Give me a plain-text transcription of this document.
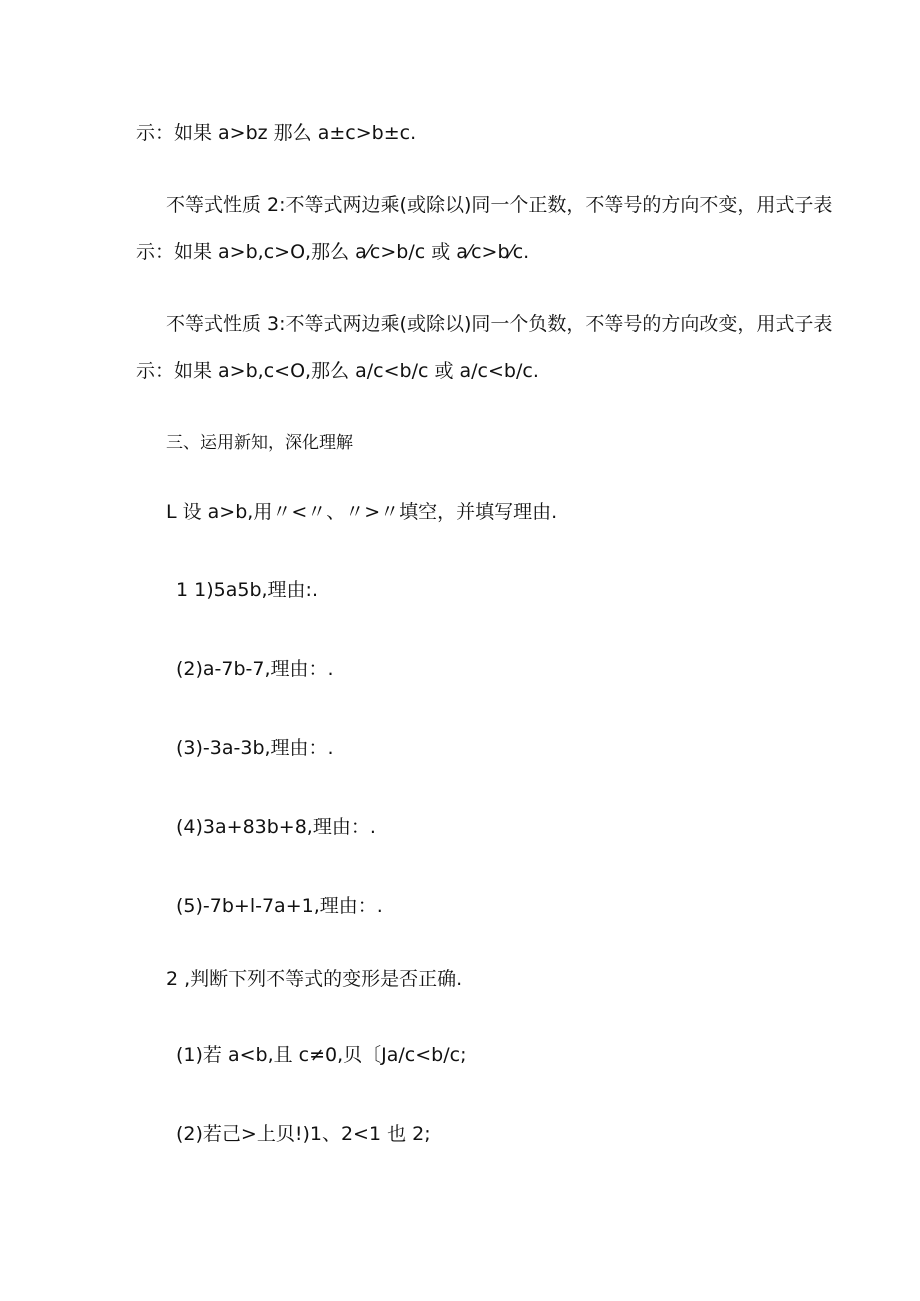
示：如果 a>bz 那么 a±c>b±c.
不等式性质 2:不等式两边乘(或除以)同一个正数，不等号的方向不变，用式子表
示：如果 a>b,c>O,那么 a⁄c>b/c 或 a⁄c>b⁄c.
不等式性质 3:不等式两边乘(或除以)同一个负数，不等号的方向改变，用式子表
示：如果 a>b,c<O,那么 a/c<b/c 或 a/c<b/c.
三、运用新知，深化理解
L 设 a>b,用〃<〃、〃>〃填空，并填写理由.
1 1)5a5b,理由:.
(2)a-7b-7,理由：.
(3)-3a-3b,理由：.
(4)3a+83b+8,理由：.
(5)-7b+l-7a+1,理由：.
2 ,判断下列不等式的变形是否正确.
(1)若 a<b,且 c≠0,贝〔Ja/c<b/c;
(2)若己>上贝!)1、2<1 也 2;
